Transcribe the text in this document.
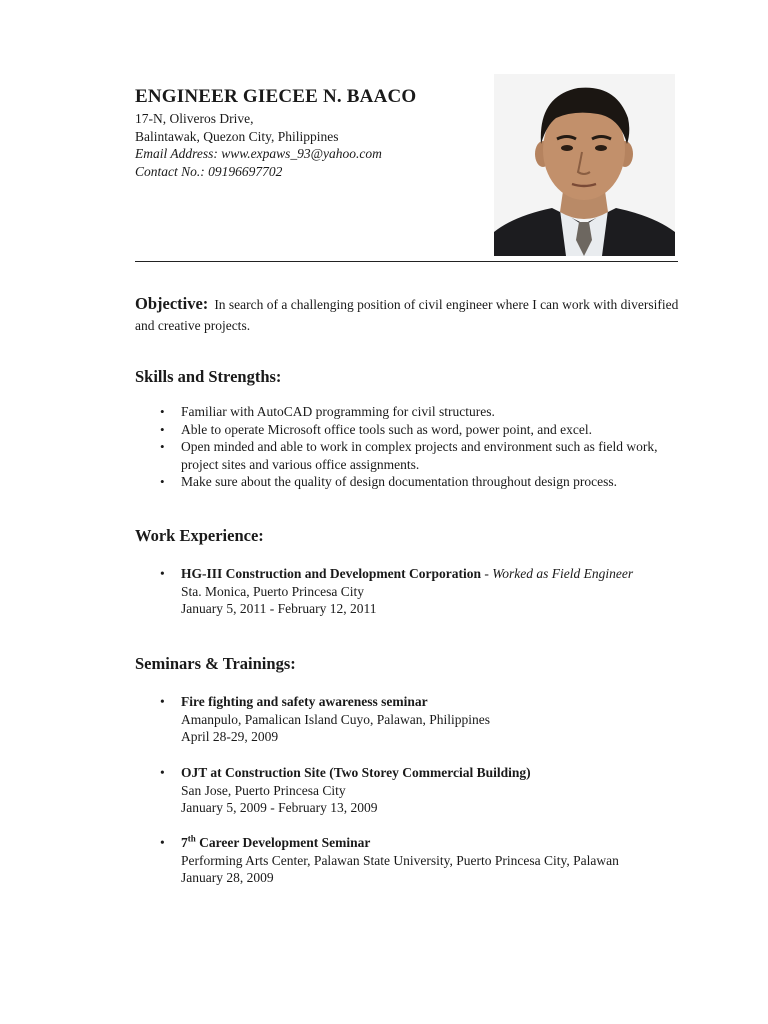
ENGINEER GIECEE N. BAACO
17-N, Oliveros Drive,
Balintawak, Quezon City, Philippines
Email Address: www.expaws_93@yahoo.com
Contact No.: 09196697702
Objective: In search of a challenging position of civil engineer where I can work with diversified and creative projects.
Skills and Strengths:
• Familiar with AutoCAD programming for civil structures.
• Able to operate Microsoft office tools such as word, power point, and excel.
• Open minded and able to work in complex projects and environment such as field work, project sites and various office assignments.
• Make sure about the quality of design documentation throughout design process.
Work Experience:
• HG-III Construction and Development Corporation - Worked as Field Engineer
Sta. Monica, Puerto Princesa City
January 5, 2011 - February 12, 2011
Seminars & Trainings:
• Fire fighting and safety awareness seminar
Amanpulo, Pamalican Island Cuyo, Palawan, Philippines
April 28-29, 2009
• OJT at Construction Site (Two Storey Commercial Building)
San Jose, Puerto Princesa City
January 5, 2009 - February 13, 2009
• 7th Career Development Seminar
Performing Arts Center, Palawan State University, Puerto Princesa City, Palawan
January 28, 2009
